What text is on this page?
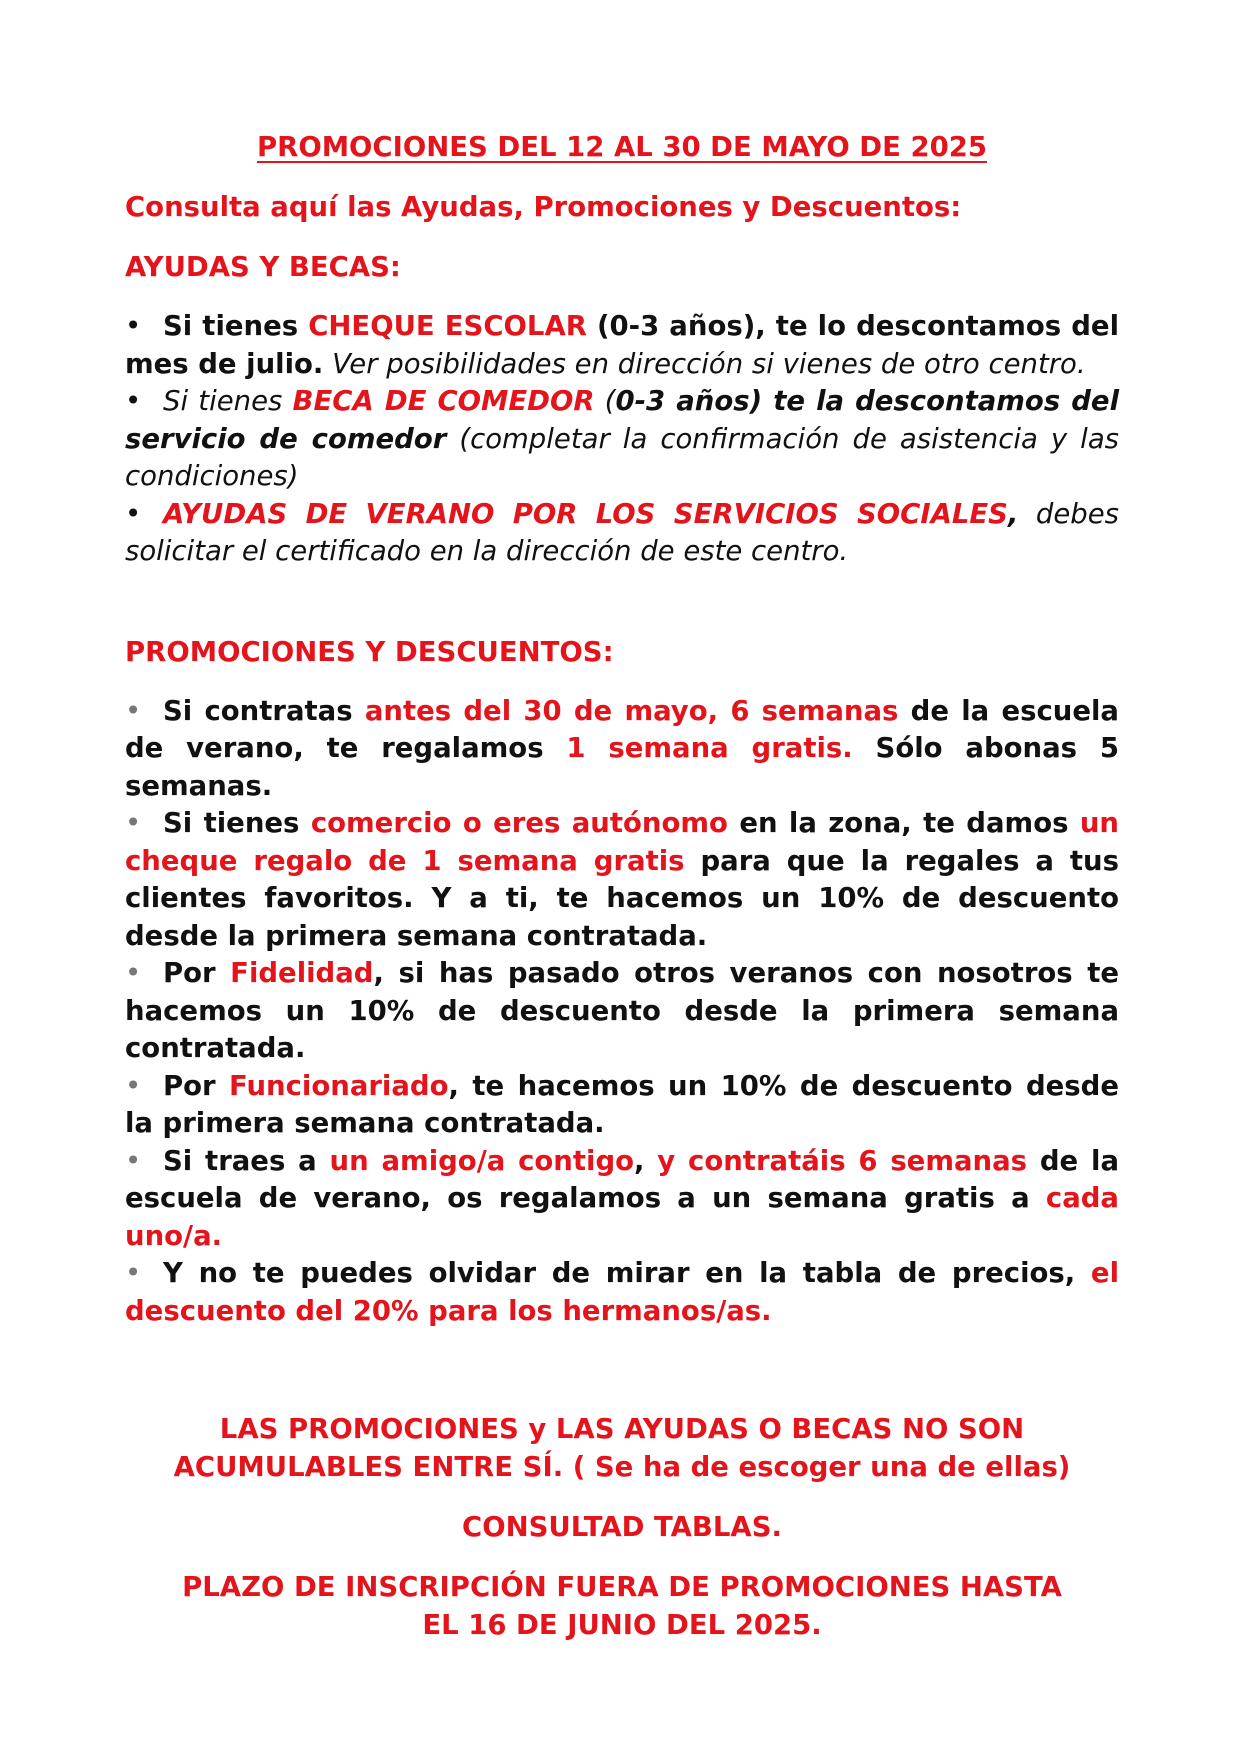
PROMOCIONES DEL 12 AL 30 DE MAYO DE 2025

Consulta aquí las Ayudas, Promociones y Descuentos:

AYUDAS Y BECAS:

• Si tienes CHEQUE ESCOLAR (0-3 años), te lo descontamos del mes de julio. Ver posibilidades en dirección si vienes de otro centro.
• Si tienes BECA DE COMEDOR (0-3 años) te la descontamos del servicio de comedor (completar la confirmación de asistencia y las condiciones)
• AYUDAS DE VERANO POR LOS SERVICIOS SOCIALES, debes solicitar el certificado en la dirección de este centro.

PROMOCIONES Y DESCUENTOS:

• Si contratas antes del 30 de mayo, 6 semanas de la escuela de verano, te regalamos 1 semana gratis. Sólo abonas 5 semanas.
• Si tienes comercio o eres autónomo en la zona, te damos un cheque regalo de 1 semana gratis para que la regales a tus clientes favoritos. Y a ti, te hacemos un 10% de descuento desde la primera semana contratada.
• Por Fidelidad, si has pasado otros veranos con nosotros te hacemos un 10% de descuento desde la primera semana contratada.
• Por Funcionariado, te hacemos un 10% de descuento desde la primera semana contratada.
• Si traes a un amigo/a contigo, y contratáis 6 semanas de la escuela de verano, os regalamos a un semana gratis a cada uno/a.
• Y no te puedes olvidar de mirar en la tabla de precios, el descuento del 20% para los hermanos/as.

LAS PROMOCIONES y LAS AYUDAS O BECAS NO SON ACUMULABLES ENTRE SÍ. ( Se ha de escoger una de ellas)

CONSULTAD TABLAS.

PLAZO DE INSCRIPCIÓN FUERA DE PROMOCIONES HASTA
EL 16 DE JUNIO DEL 2025.
